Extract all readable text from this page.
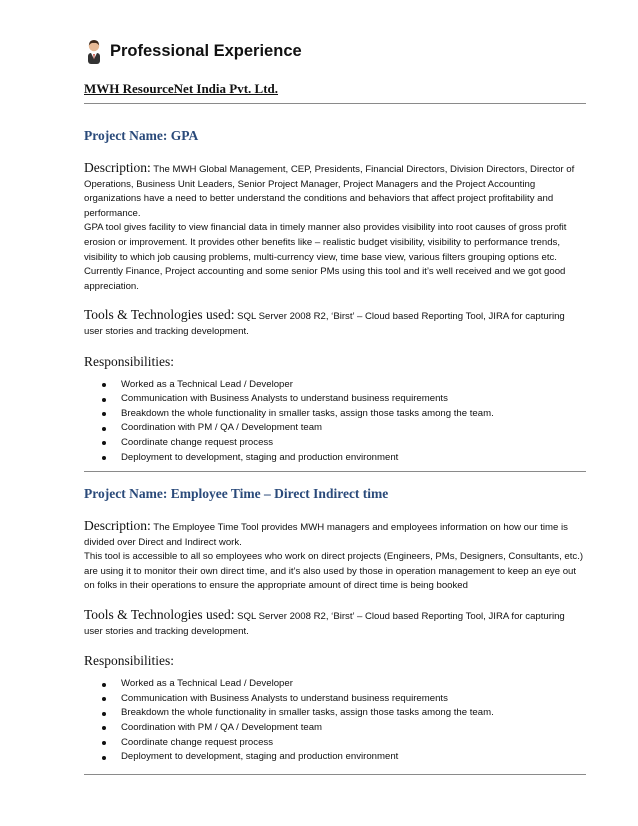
Professional Experience
MWH ResourceNet India Pvt. Ltd.
Project Name: GPA

Description: The MWH Global Management, CEP, Presidents, Financial Directors, Division Directors, Director of Operations, Business Unit Leaders, Senior Project Manager, Project Managers and the Project Accounting organizations have a need to better understand the conditions and behaviors that affect project profitability and performance.

GPA tool gives facility to view financial data in timely manner also provides visibility into root causes of gross profit erosion or improvement. It provides other benefits like – realistic budget visibility, visibility to performance trends, visibility to which job causing problems, multi-currency view, time base view, various filters grouping options etc. Currently Finance, Project accounting and some senior PMs using this tool and it’s well received and we got good appreciation.

Tools & Technologies used: SQL Server 2008 R2, ‘Birst’ – Cloud based Reporting Tool, JIRA for capturing user stories and tracking development.
Responsibilities:
Worked as a Technical Lead / Developer
Communication with Business Analysts to understand business requirements
Breakdown the whole functionality in smaller tasks, assign those tasks among the team.
Coordination with PM / QA / Development team
Coordinate change request process
Deployment to development, staging and production environment
Project Name: Employee Time – Direct Indirect time

Description: The Employee Time Tool provides MWH managers and employees information on how our time is divided over Direct and Indirect work.

This tool is accessible to all so employees who work on direct projects (Engineers, PMs, Designers, Consultants, etc.) are using it to monitor their own direct time, and it’s also used by those in operation management to keep an eye out on folks in their operations to ensure the appropriate amount of direct time is being booked

Tools & Technologies used: SQL Server 2008 R2, ‘Birst’ – Cloud based Reporting Tool, JIRA for capturing user stories and tracking development.
Responsibilities:
Worked as a Technical Lead / Developer
Communication with Business Analysts to understand business requirements
Breakdown the whole functionality in smaller tasks, assign those tasks among the team.
Coordination with PM / QA / Development team
Coordinate change request process
Deployment to development, staging and production environment
